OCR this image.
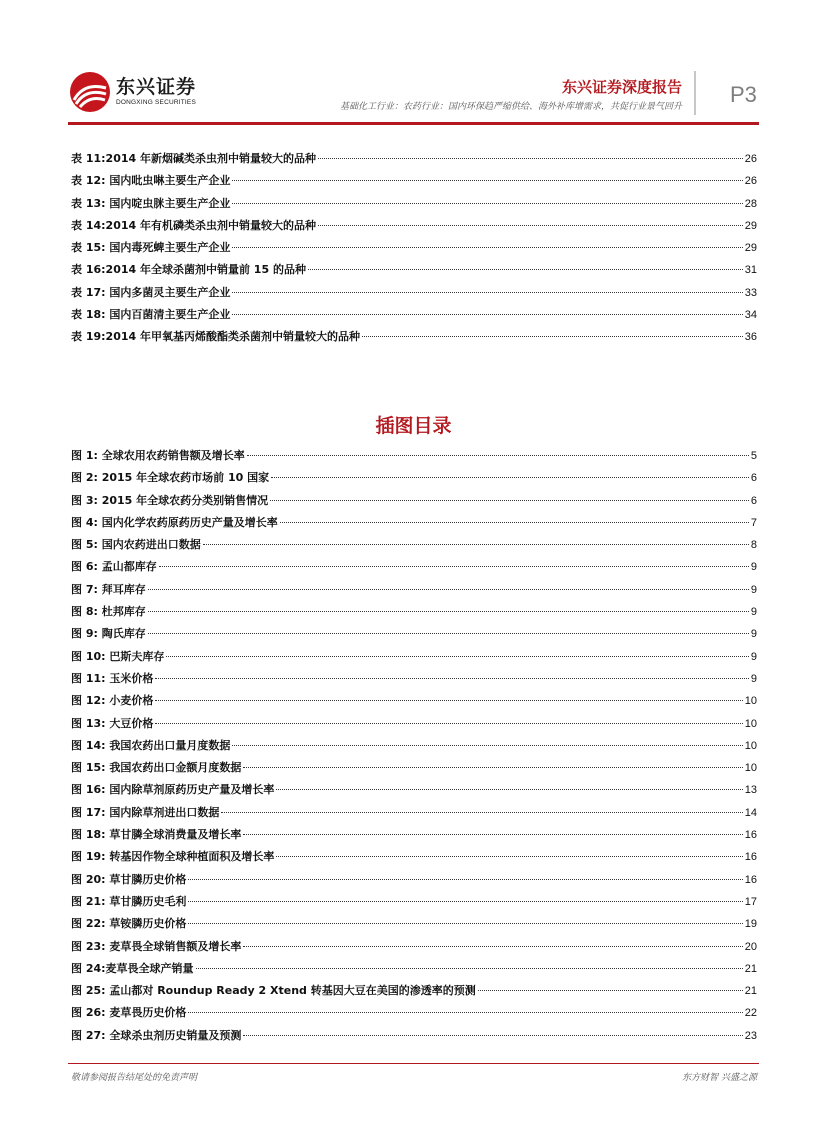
东兴证券
DONGXING SECURITIES
东兴证券深度报告
基础化工行业：农药行业：国内环保趋严缩供给、海外补库增需求，共促行业景气回升 P3
表 11:2014 年新烟碱类杀虫剂中销量较大的品种	26
表 12: 国内吡虫啉主要生产企业	26
表 13: 国内啶虫脒主要生产企业	28
表 14:2014 年有机磷类杀虫剂中销量较大的品种	29
表 15: 国内毒死蜱主要生产企业	29
表 16:2014 年全球杀菌剂中销量前 15 的品种	31
表 17: 国内多菌灵主要生产企业	33
表 18: 国内百菌清主要生产企业	34
表 19:2014 年甲氧基丙烯酸酯类杀菌剂中销量较大的品种	36
插图目录
图 1: 全球农用农药销售额及增长率	5
图 2: 2015 年全球农药市场前 10 国家	6
图 3: 2015 年全球农药分类别销售情况	6
图 4: 国内化学农药原药历史产量及增长率	7
图 5: 国内农药进出口数据	8
图 6: 孟山都库存	9
图 7: 拜耳库存	9
图 8: 杜邦库存	9
图 9: 陶氏库存	9
图 10: 巴斯夫库存	9
图 11: 玉米价格	9
图 12: 小麦价格	10
图 13: 大豆价格	10
图 14: 我国农药出口量月度数据	10
图 15: 我国农药出口金额月度数据	10
图 16: 国内除草剂原药历史产量及增长率	13
图 17: 国内除草剂进出口数据	14
图 18: 草甘膦全球消费量及增长率	16
图 19: 转基因作物全球种植面积及增长率	16
图 20: 草甘膦历史价格	16
图 21: 草甘膦历史毛利	17
图 22: 草铵膦历史价格	19
图 23: 麦草畏全球销售额及增长率	20
图 24:麦草畏全球产销量	21
图 25: 孟山都对 Roundup Ready 2 Xtend 转基因大豆在美国的渗透率的预测	21
图 26: 麦草畏历史价格	22
图 27: 全球杀虫剂历史销量及预测	23
敬请参阅报告结尾处的免责声明	东方财智 兴盛之源
